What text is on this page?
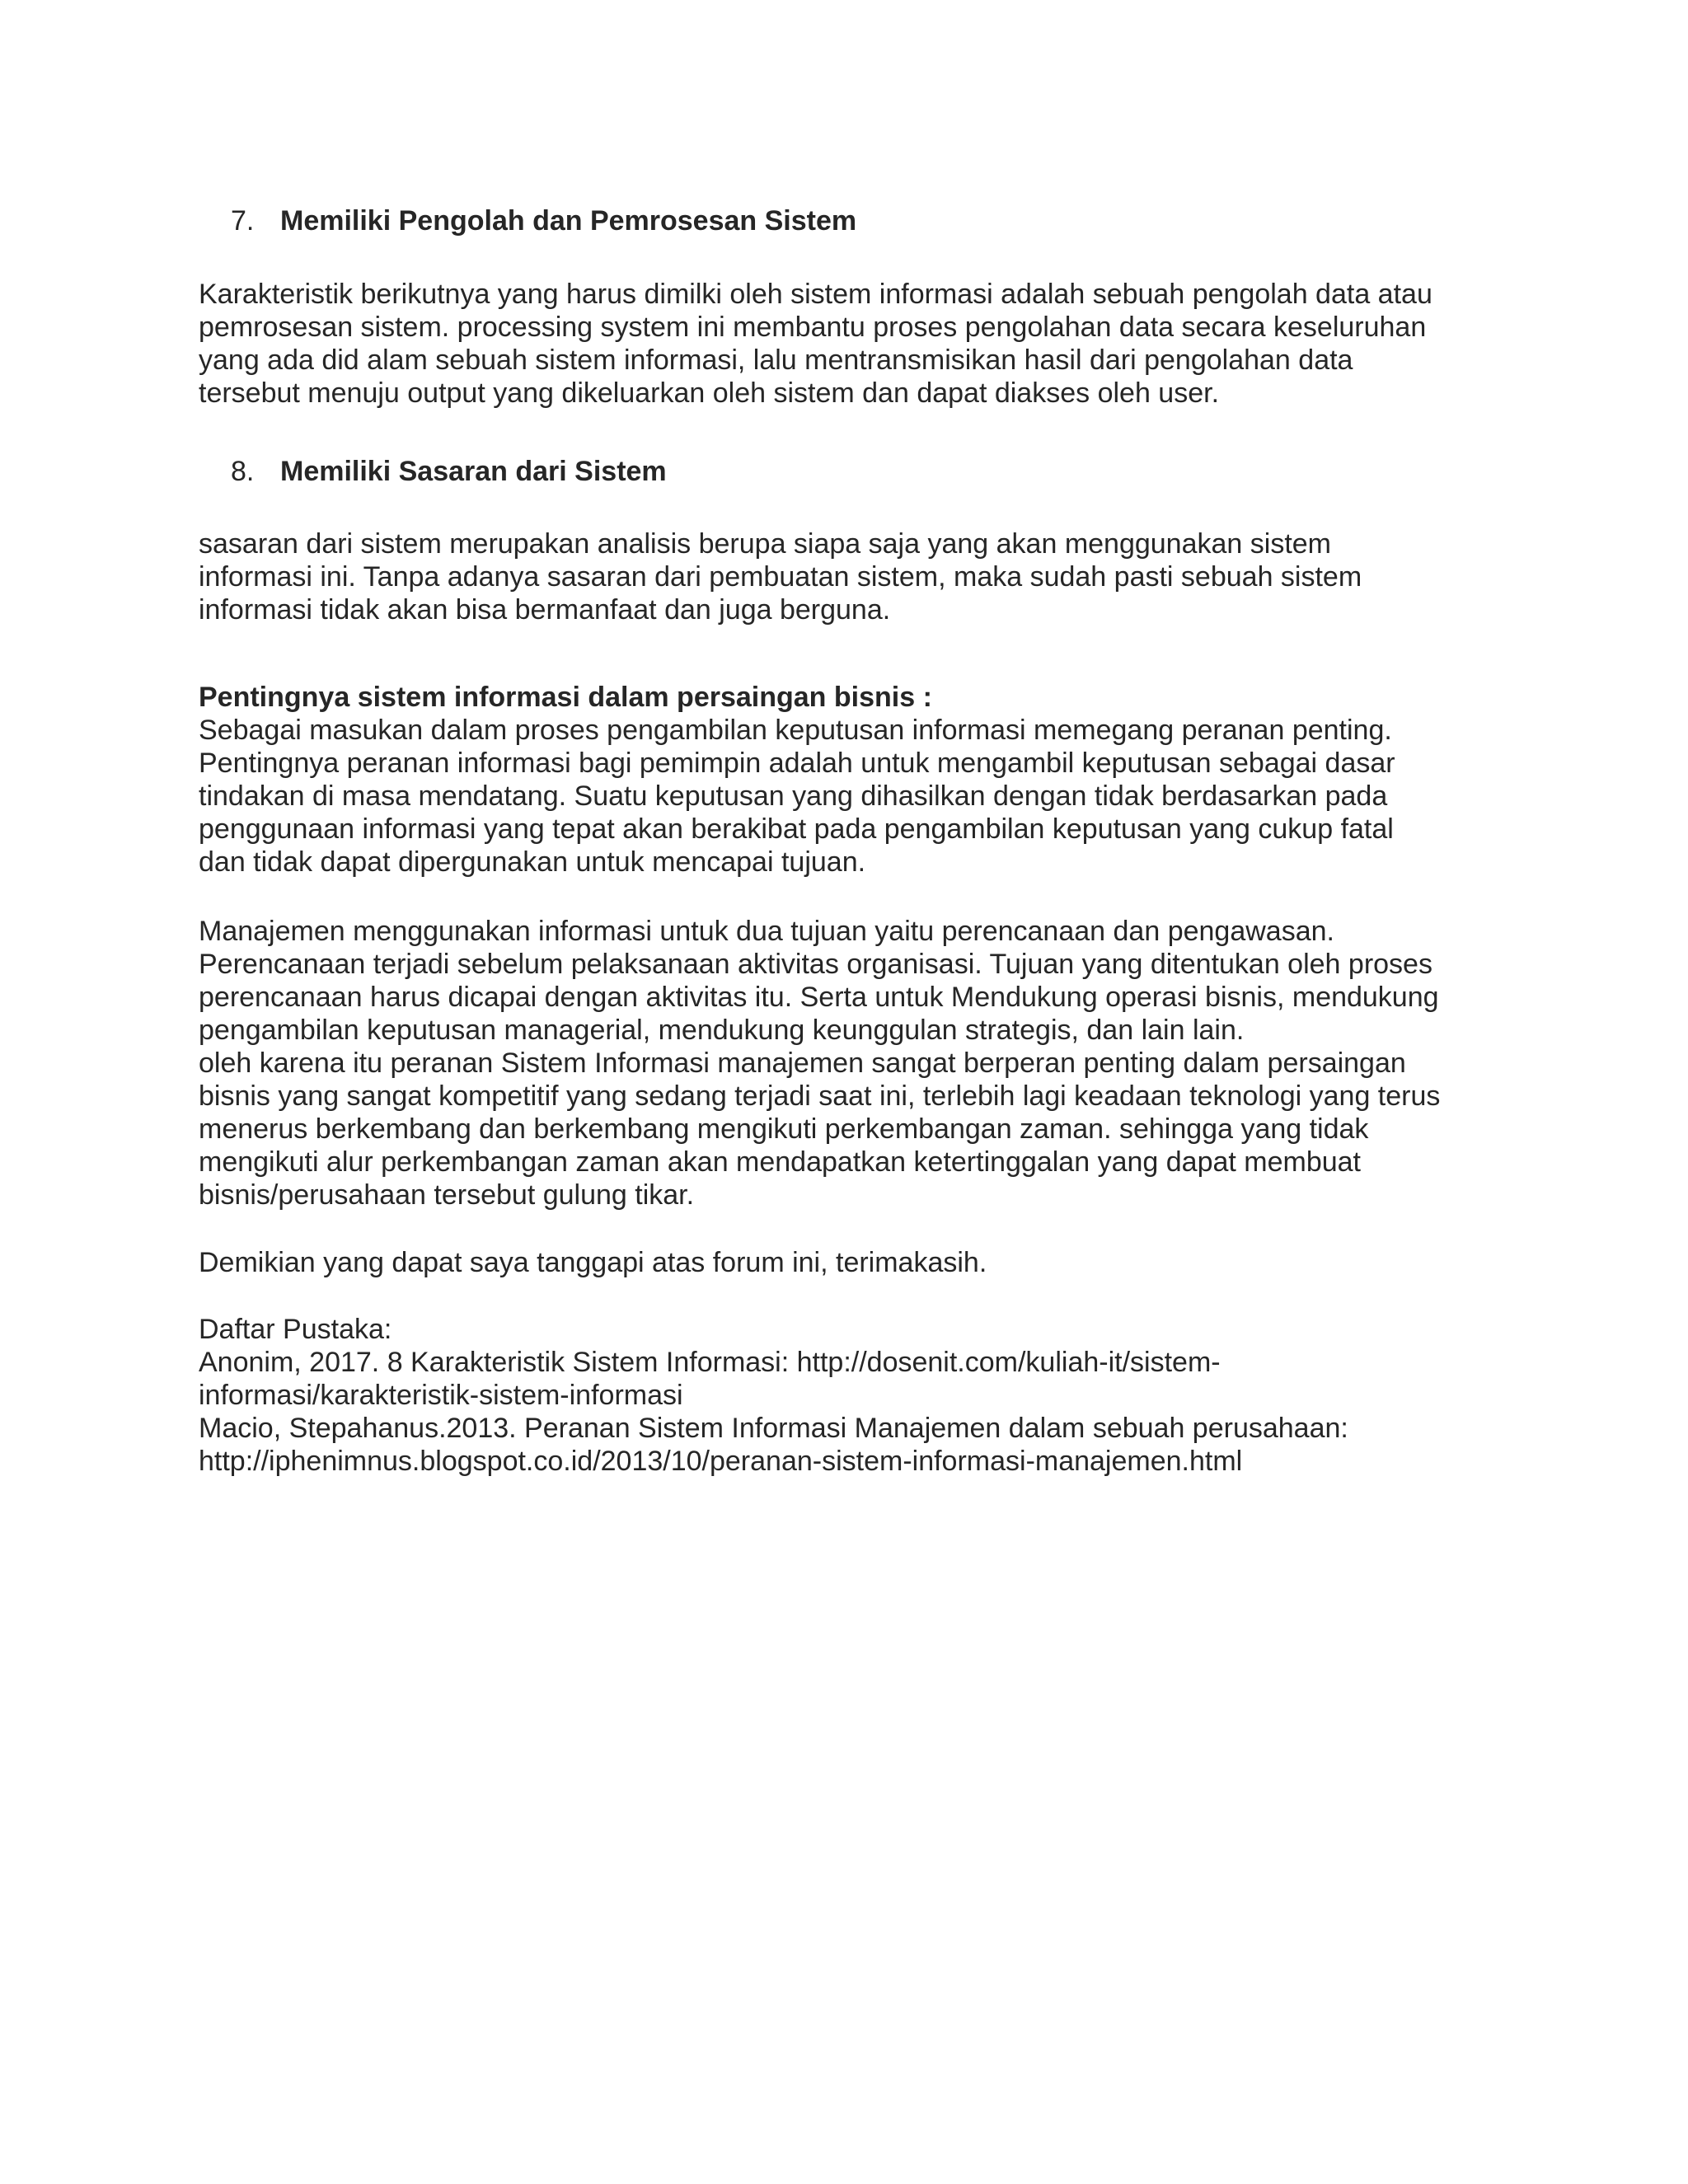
7. Memiliki Pengolah dan Pemrosesan Sistem
Karakteristik berikutnya yang harus dimilki oleh sistem informasi adalah sebuah pengolah data atau
pemrosesan sistem. processing system ini membantu proses pengolahan data secara keseluruhan
yang ada did alam sebuah sistem informasi, lalu mentransmisikan hasil dari pengolahan data
tersebut menuju output yang dikeluarkan oleh sistem dan dapat diakses oleh user.
8. Memiliki Sasaran dari Sistem
sasaran dari sistem merupakan analisis berupa siapa saja yang akan menggunakan sistem
informasi ini. Tanpa adanya sasaran dari pembuatan sistem, maka sudah pasti sebuah sistem
informasi tidak akan bisa bermanfaat dan juga berguna.
Pentingnya sistem informasi dalam persaingan bisnis :
Sebagai masukan dalam proses pengambilan keputusan informasi memegang peranan penting.
Pentingnya peranan informasi bagi pemimpin adalah untuk mengambil keputusan sebagai dasar
tindakan di masa mendatang. Suatu keputusan yang dihasilkan dengan tidak berdasarkan pada
penggunaan informasi yang tepat akan berakibat pada pengambilan keputusan yang cukup fatal
dan tidak dapat dipergunakan untuk mencapai tujuan.
Manajemen menggunakan informasi untuk dua tujuan yaitu perencanaan dan pengawasan.
Perencanaan terjadi sebelum pelaksanaan aktivitas organisasi. Tujuan yang ditentukan oleh proses
perencanaan harus dicapai dengan aktivitas itu. Serta untuk Mendukung operasi bisnis, mendukung
pengambilan keputusan managerial, mendukung keunggulan strategis, dan lain lain.
oleh karena itu peranan Sistem Informasi manajemen sangat berperan penting dalam persaingan
bisnis yang sangat kompetitif yang sedang terjadi saat ini, terlebih lagi keadaan teknologi yang terus
menerus berkembang dan berkembang mengikuti perkembangan zaman. sehingga yang tidak
mengikuti alur perkembangan zaman akan mendapatkan ketertinggalan yang dapat membuat
bisnis/perusahaan tersebut gulung tikar.
Demikian yang dapat saya tanggapi atas forum ini, terimakasih.
Daftar Pustaka:
Anonim, 2017. 8 Karakteristik Sistem Informasi: http://dosenit.com/kuliah-it/sistem-
informasi/karakteristik-sistem-informasi
Macio, Stepahanus.2013. Peranan Sistem Informasi Manajemen dalam sebuah perusahaan:
http://iphenimnus.blogspot.co.id/2013/10/peranan-sistem-informasi-manajemen.html
